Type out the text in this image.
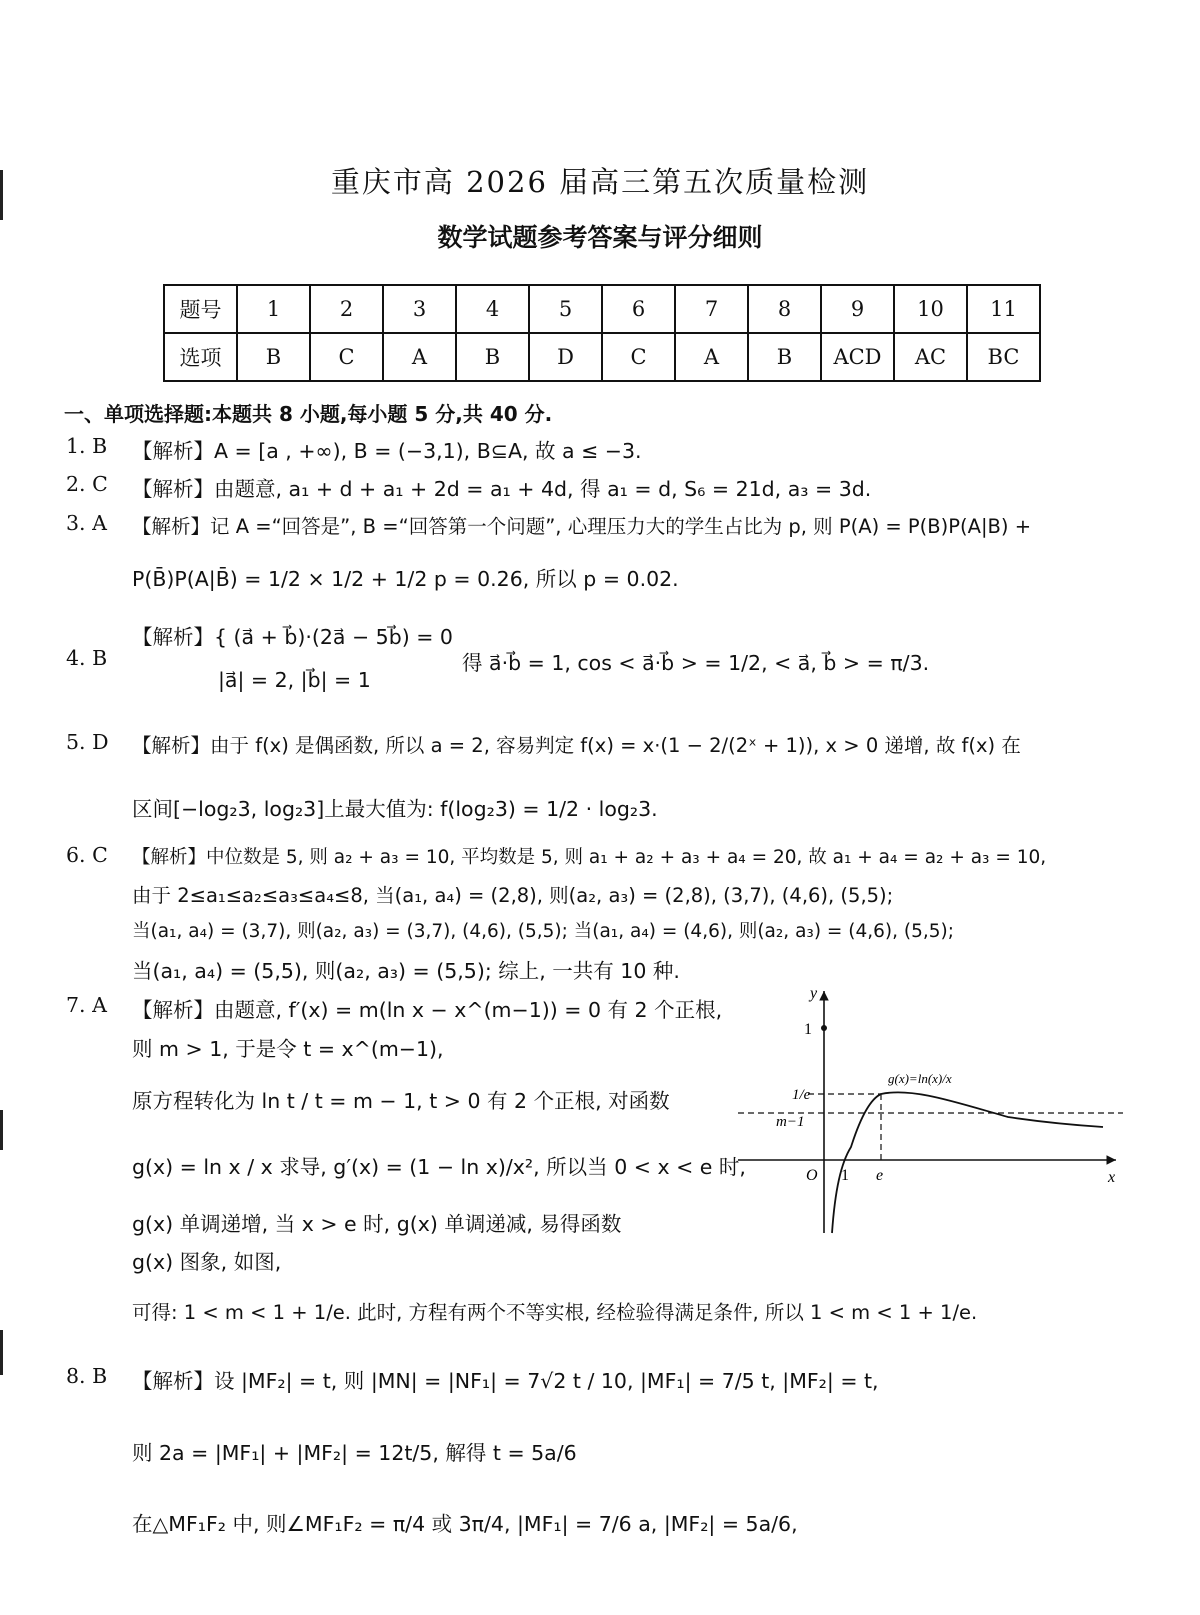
重庆市高 2026 届高三第五次质量检测
数学试题参考答案与评分细则
题号	1	2	3	4	5	6	7	8	9	10	11
选项	B	C	A	B	D	C	A	B	ACD	AC	BC
一、单项选择题:本题共 8 小题,每小题 5 分,共 40 分.
1. B 【解析】A = [a , +∞), B = (−3,1), B⊆A, 故 a ≤ −3.
2. C 【解析】由题意, a₁ + d + a₁ + 2d = a₁ + 4d, 得 a₁ = d, S₆ = 21d, a₃ = 3d.
3. A 【解析】记 A =“回答是”, B =“回答第一个问题”, 心理压力大的学生占比为 p, 则 P(A) = P(B)P(A|B) +
P(B̄)P(A|B̄) = 1/2 × 1/2 + 1/2 p = 0.26, 所以 p = 0.02.
4. B
【解析】{ (a⃗ + b⃗)·(2a⃗ − 5b⃗) = 0
|a⃗| = 2, |b⃗| = 1
得 a⃗·b⃗ = 1, cos < a⃗·b⃗ > = 1/2, < a⃗, b⃗ > = π/3.
5. D 【解析】由于 f(x) 是偶函数, 所以 a = 2, 容易判定 f(x) = x·(1 − 2/(2ˣ + 1)), x > 0 递增, 故 f(x) 在
区间[−log₂3, log₂3]上最大值为: f(log₂3) = 1/2 · log₂3.
6. C 【解析】中位数是 5, 则 a₂ + a₃ = 10, 平均数是 5, 则 a₁ + a₂ + a₃ + a₄ = 20, 故 a₁ + a₄ = a₂ + a₃ = 10,
由于 2≤a₁≤a₂≤a₃≤a₄≤8, 当(a₁, a₄) = (2,8), 则(a₂, a₃) = (2,8), (3,7), (4,6), (5,5);
当(a₁, a₄) = (3,7), 则(a₂, a₃) = (3,7), (4,6), (5,5); 当(a₁, a₄) = (4,6), 则(a₂, a₃) = (4,6), (5,5);
当(a₁, a₄) = (5,5), 则(a₂, a₃) = (5,5); 综上, 一共有 10 种.
7. A 【解析】由题意, f′(x) = m(ln x − x^(m−1)) = 0 有 2 个正根,
则 m > 1, 于是令 t = x^(m−1),
原方程转化为 ln t / t = m − 1, t > 0 有 2 个正根, 对函数
g(x) = ln x / x 求导, g′(x) = (1 − ln x)/x², 所以当 0 < x < e 时,
g(x) 单调递增, 当 x > e 时, g(x) 单调递减, 易得函数
g(x) 图象, 如图,
可得: 1 < m < 1 + 1/e. 此时, 方程有两个不等实根, 经检验得满足条件, 所以 1 < m < 1 + 1/e.
y
x
O
1
1/e
m−1
1 e
g(x)=ln(x)/x
8. B 【解析】设 |MF₂| = t, 则 |MN| = |NF₁| = 7√2 t / 10, |MF₁| = 7/5 t, |MF₂| = t,
则 2a = |MF₁| + |MF₂| = 12t/5, 解得 t = 5a/6
在△MF₁F₂ 中, 则∠MF₁F₂ = π/4 或 3π/4, |MF₁| = 7/6 a, |MF₂| = 5a/6,
